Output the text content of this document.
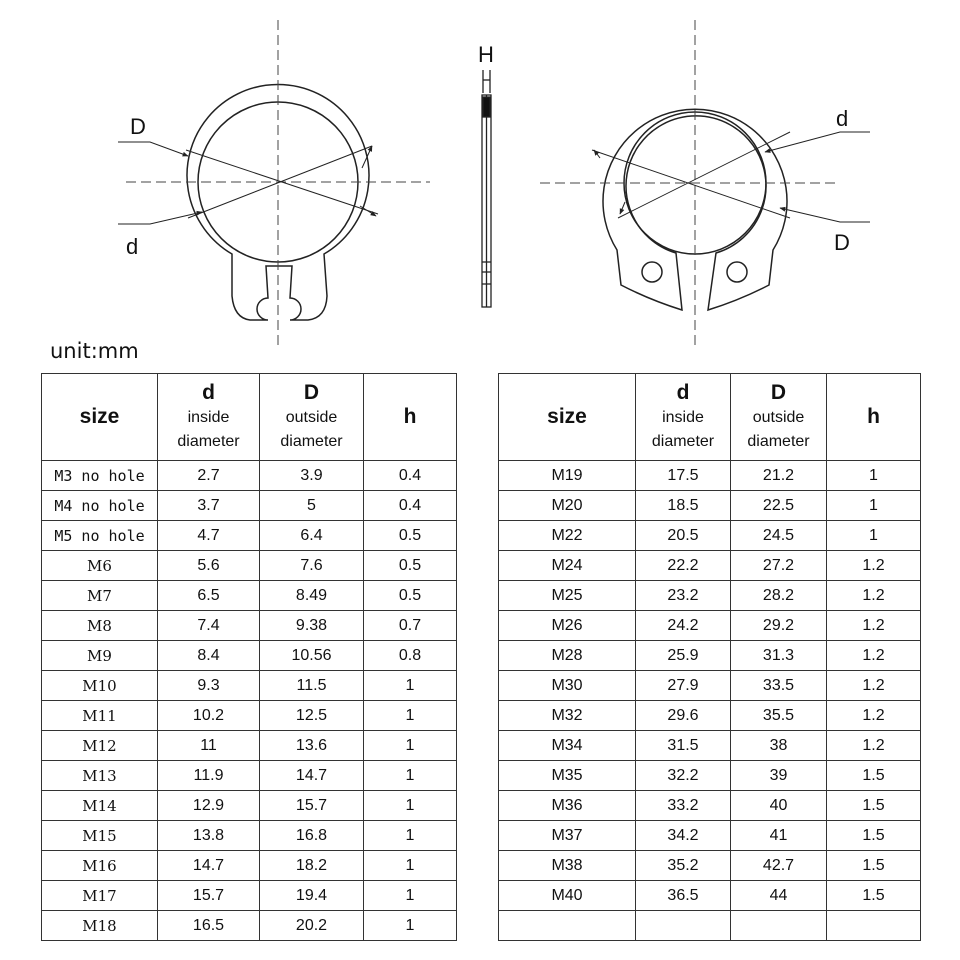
D
d
H
d
D
unit:mm
size	d
inside
diameter	D
outside
diameter	h
M3 no hole	2.7	3.9	0.4
M4 no hole	3.7	5	0.4
M5 no hole	4.7	6.4	0.5
M6	5.6	7.6	0.5
M7	6.5	8.49	0.5
M8	7.4	9.38	0.7
M9	8.4	10.56	0.8
M10	9.3	11.5	1
M11	10.2	12.5	1
M12	11	13.6	1
M13	11.9	14.7	1
M14	12.9	15.7	1
M15	13.8	16.8	1
M16	14.7	18.2	1
M17	15.7	19.4	1
M18	16.5	20.2	1
size	d
inside
diameter	D
outside
diameter	h
M19	17.5	21.2	1
M20	18.5	22.5	1
M22	20.5	24.5	1
M24	22.2	27.2	1.2
M25	23.2	28.2	1.2
M26	24.2	29.2	1.2
M28	25.9	31.3	1.2
M30	27.9	33.5	1.2
M32	29.6	35.5	1.2
M34	31.5	38	1.2
M35	32.2	39	1.5
M36	33.2	40	1.5
M37	34.2	41	1.5
M38	35.2	42.7	1.5
M40	36.5	44	1.5
